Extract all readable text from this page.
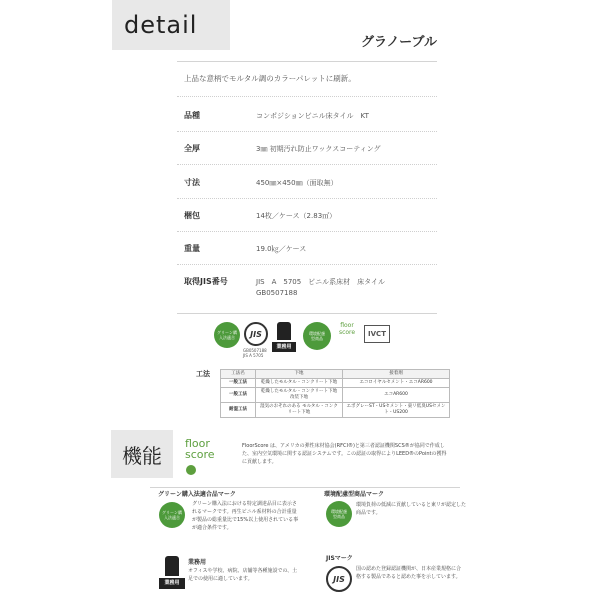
detail
グラノーブル
上品な意柄でモルタル調のカラーパレットに刷新。
品種	コンポジションビニル床タイル　KT
全厚	3㎜ 初期汚れ防止ワックスコーティング
寸法	450㎜×450㎜（面取無）
梱包	14枚／ケース（2.83㎡）
重量	19.0㎏／ケース
取得JIS番号	JIS　A　5705　ビニル系床材　床タイル
GB0507188
グリーン購入法適合	JIS
GB0507188
JIS A 5705
業務用
環境配慮型商品
floor
score	IVCT
工法	工法名	下地	接着剤
一般工法	乾燥したモルタル・コンクリート下地	エコロイヤルセメント・エコAR600
一般工法	乾燥したモルタル・コンクリート下地 改装下地	エコAR600
耐湿工法	湿気のおそれのある モルタル・コンクリート下地	エポグレーST・USセメント・東リ低臭USセメント・US200
機能	floor
score
FloorScore は、アメリカの弾性床材協会(RFCI®)と第三者認証機関SCS®が協同で作成した、室内空気環境に関する認証システムです。この認証の取得によりLEED®のPointの獲得に貢献します。
グリーン購入法適合品マーク
グリーン購入法適合
グリーン購入法における特定調達品目に表示されるマークです。再生ビニル系材料の合計重量が製品の総重量比で15%以上使用されている事が適合条件です。
環境配慮型商品マーク
環境配慮型商品
環境負荷の低減に貢献していると東リが認定した商品です。
業務用
業務用
オフィスや学校、病院、店舗等各種施設での、土足での使用に適しています。
JISマーク
JIS
国の認めた登録認証機関が、日本産業規格に合格する製品であると認めた事を示しています。
